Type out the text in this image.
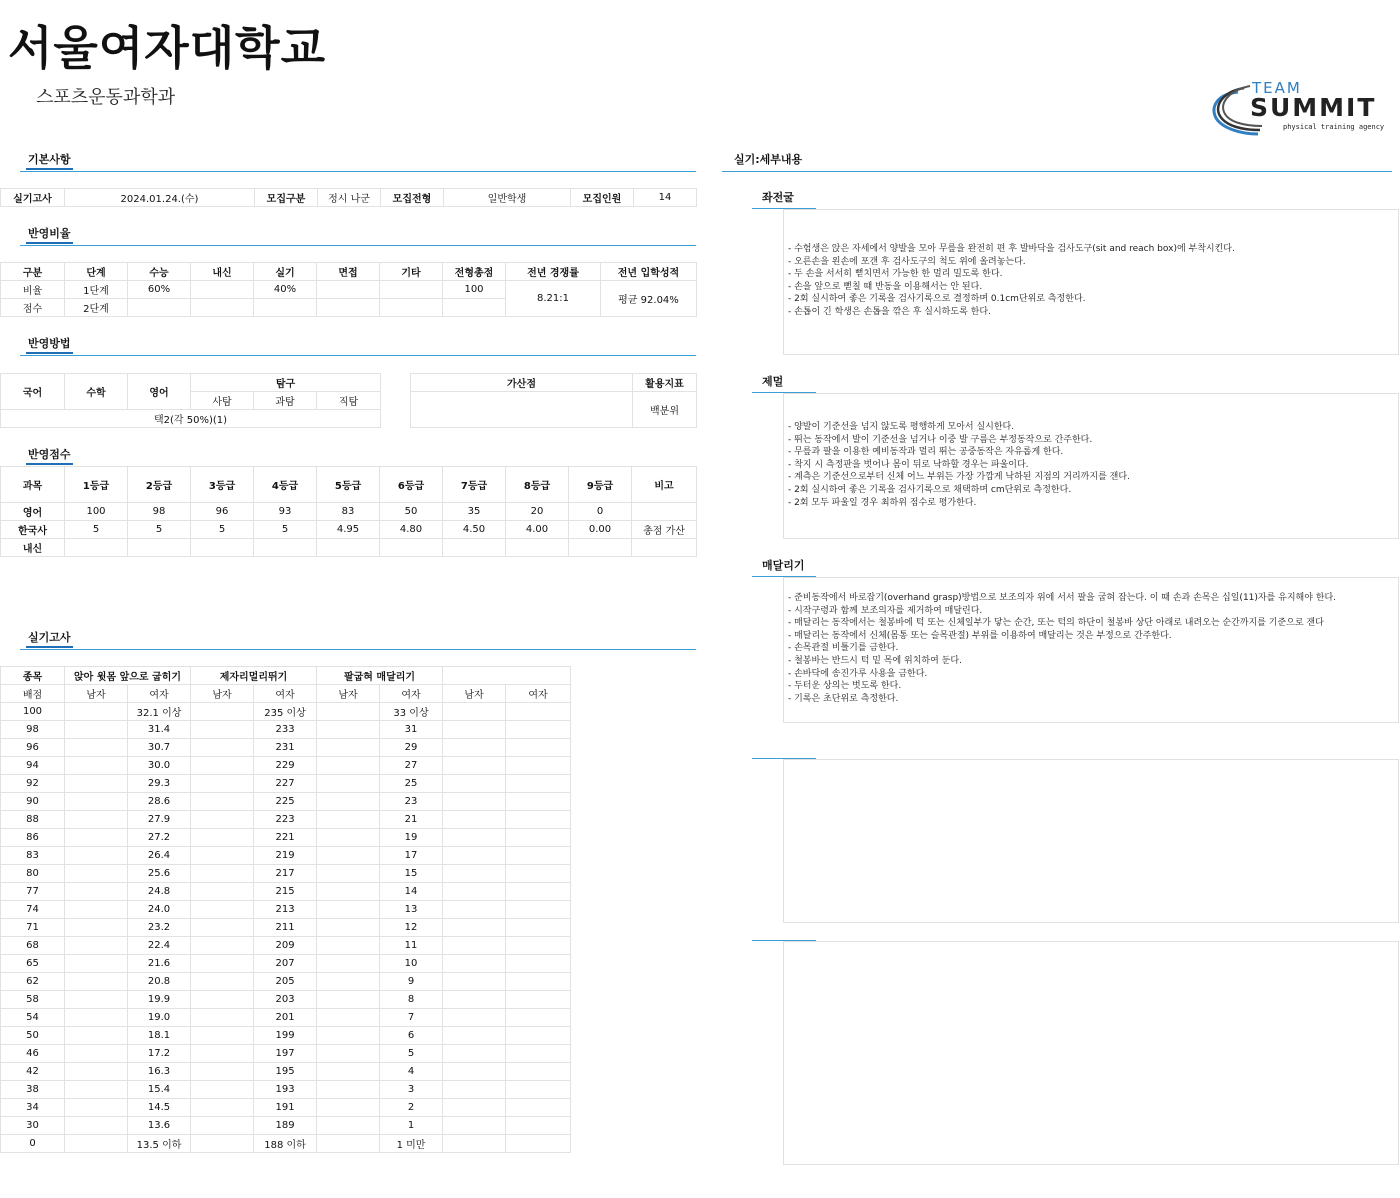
서울여자대학교
스포츠운동과학과	TEAM
SUMMIT
physical training agency
기본사항
실기고사	2024.01.24.(수)	모집구분	정시 나군	모집전형	일반학생	모집인원	14
반영비율
구분	단계	수능	내신	실기	면접	기타	전형총점	전년 경쟁률	전년 입학성적
비율	1단계	60%		40%			100	8.21:1	평균 92.04%
점수	2단계								
반영방법
국어	수학	영어	탐구		
			사탐	과탐	직탐
택2(각 50%)(1)					
가산점	활용지표
	백분위
반영점수
과목	1등급	2등급	3등급	4등급	5등급	6등급	7등급	8등급	9등급	비고
영어	100	98	96	93	83	50	35	20	0	
한국사	5	5	5	5	4.95	4.80	4.50	4.00	0.00	총점 가산
내신										
실기고사
종목	앉아 윗몸 앞으로 굽히기		제자리멀리뛰기		팔굽혀 매달리기			
배점	남자	여자	남자	여자	남자	여자	남자	여자
100		32.1 이상		235 이상		33 이상		
98		31.4		233		31		
96		30.7		231		29		
94		30.0		229		27		
92		29.3		227		25		
90		28.6		225		23		
88		27.9		223		21		
86		27.2		221		19		
83		26.4		219		17		
80		25.6		217		15		
77		24.8		215		14		
74		24.0		213		13		
71		23.2		211		12		
68		22.4		209		11		
65		21.6		207		10		
62		20.8		205		9		
58		19.9		203		8		
54		19.0		201		7		
50		18.1		199		6		
46		17.2		197		5		
42		16.3		195		4		
38		15.4		193		3		
34		14.5		191		2		
30		13.6		189		1		
0		13.5 이하		188 이하		1 미만		
실기:세부내용
좌전굴
- 수험생은 앉은 자세에서 양발을 모아 무릎을 완전히 편 후 발바닥을 검사도구(sit and reach box)에 부착시킨다.
- 오른손을 왼손에 포갠 후 검사도구의 척도 위에 올려놓는다.
- 두 손을 서서히 뻗치면서 가능한 한 멀리 밀도록 한다.
- 손을 앞으로 뻗칠 때 반동을 이용해서는 안 된다.
- 2회 실시하여 좋은 기록을 검사기록으로 결정하며 0.1cm단위로 측정한다.
- 손톱이 긴 학생은 손톱을 깎은 후 실시하도록 한다.
제멀
- 양발이 기준선을 넘지 않도록 평행하게 모아서 실시한다.
- 뛰는 동작에서 발이 기준선을 넘거나 이중 발 구름은 부정동작으로 간주한다.
- 무릎과 팔을 이용한 예비동작과 멀리 뛰는 공중동작은 자유롭게 한다.
- 착지 시 측정판을 벗어나 몸이 뒤로 낙하할 경우는 파울이다.
- 계측은 기준선으로부터 신체 어느 부위든 가장 가깝게 낙하된 지점의 거리까지를 잰다.
- 2회 실시하여 좋은 기록을 검사기록으로 채택하며 cm단위로 측정한다.
- 2회 모두 파울일 경우 최하위 점수로 평가한다.
매달리기
- 준비동작에서 바로잡기(overhand grasp)방법으로 보조의자 위에 서서 팔을 굽혀 잡는다. 이 때 손과 손목은 십일(11)자를 유지해야 한다.
- 시작구령과 함께 보조의자를 제거하여 매달린다.
- 매달리는 동작에서는 철봉바에 턱 또는 신체일부가 닿는 순간, 또는 턱의 하단이 철봉바 상단 아래로 내려오는 순간까지를 기준으로 잰다
- 매달리는 동작에서 신체(몸통 또는 슬목관절) 부위를 이용하여 매달리는 것은 부정으로 간주한다.
- 손목관절 비틀기를 금한다.
- 철봉바는 반드시 턱 밑 목에 위치하여 둔다.
- 손바닥에 송진가루 사용을 금한다.
- 두터운 상의는 벗도록 한다.
- 기록은 초단위로 측정한다.
